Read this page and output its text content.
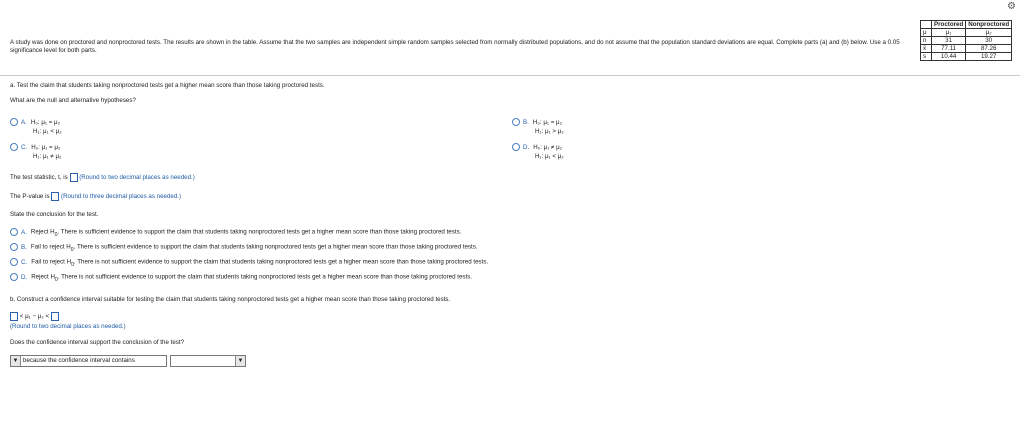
⚙
	Proctored	Nonproctored
μ	μ₁	μ₂
n	31	30
x̄	77.11	87.26
s	10.44	19.27
A study was done on proctored and nonproctored tests. The results are shown in the table. Assume that the two samples are independent simple random samples selected from normally distributed populations, and do not assume that the population standard deviations are equal. Complete parts (a) and (b) below. Use a 0.05 significance level for both parts.
a. Test the claim that students taking nonproctored tests get a higher mean score than those taking proctored tests.
What are the null and alternative hypotheses?
A. H₀: μ₁ = μ₂
H₁: μ₁ < μ₂
B. H₀: μ₁ = μ₂
H₁: μ₁ > μ₂
C. H₀: μ₁ = μ₂
H₁: μ₁ ≠ μ₂
D. H₀: μ₁ ≠ μ₂
H₁: μ₁ < μ₂
The test statistic, t, is (Round to two decimal places as needed.)
The P-value is (Round to three decimal places as needed.)
State the conclusion for the test.
A. Reject $H_0$. There is sufficient evidence to support the claim that students taking nonproctored tests get a higher mean score than those taking proctored tests.
B. Fail to reject $H_0$. There is sufficient evidence to support the claim that students taking nonproctored tests get a higher mean score than those taking proctored tests.
C. Fail to reject $H_0$. There is not sufficient evidence to support the claim that students taking nonproctored tests get a higher mean score than those taking proctored tests.
D. Reject $H_0$. There is not sufficient evidence to support the claim that students taking nonproctored tests get a higher mean score than those taking proctored tests.
b. Construct a confidence interval suitable for testing the claim that students taking nonproctored tests get a higher mean score than those taking proctored tests.
< μ₁ − μ₂ <
(Round to two decimal places as needed.)
Does the confidence interval support the conclusion of the test?
▼ because the confidence interval contains	▼
